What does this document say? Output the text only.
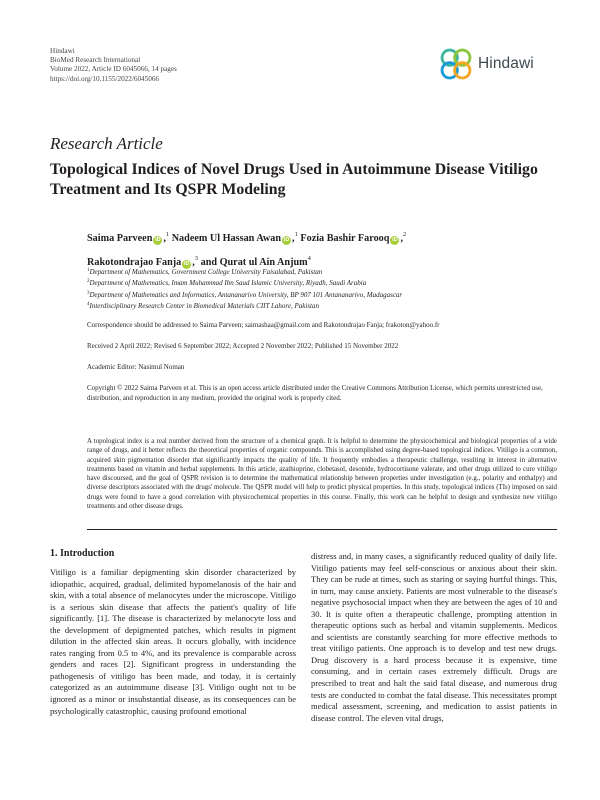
Hindawi
BioMed Research International
Volume 2022, Article ID 6045066, 14 pages
https://doi.org/10.1155/2022/6045066
Hindawi
Research Article
Topological Indices of Novel Drugs Used in Autoimmune Disease Vitiligo Treatment and Its QSPR Modeling
Saima Parveen iD ,$^1$ Nadeem Ul Hassan Awan iD ,$^1$ Fozia Bashir Farooq iD ,$^2$
Rakotondrajao Fanja iD ,$^3$ and Qurat ul Ain Anjum$^4$
$^1$Department of Mathematics, Government College University Faisalabad, Pakistan
$^2$Department of Mathematics, Imam Muhammad Ibn Saud Islamic University, Riyadh, Saudi Arabia
$^3$Department of Mathematics and Informatics, Antananarivo University, BP 907 101 Antananarivo, Madagascar
$^4$Interdisciplinary Research Center in Biomedical Materials CIIT Lahore, Pakistan
Correspondence should be addressed to Saima Parveen; saimashaa@gmail.com and Rakotondrajao Fanja; frakoton@yahoo.fr
Received 2 April 2022; Revised 6 September 2022; Accepted 2 November 2022; Published 15 November 2022
Academic Editor: Nasimul Noman
Copyright © 2022 Saima Parveen et al. This is an open access article distributed under the Creative Commons Attribution License, which permits unrestricted use, distribution, and reproduction in any medium, provided the original work is properly cited.
A topological index is a real number derived from the structure of a chemical graph. It is helpful to determine the physicochemical and biological properties of a wide range of drugs, and it better reflects the theoretical properties of organic compounds. This is accomplished using degree-based topological indices. Vitiligo is a common, acquired skin pigmentation disorder that significantly impacts the quality of life. It frequently embodies a therapeutic challenge, resulting in interest in alternative treatments based on vitamin and herbal supplements. In this article, azathioprine, clobetasol, desonide, hydrocortisone valerate, and other drugs utilized to cure vitiligo have discoursed, and the goal of QSPR revision is to determine the mathematical relationship between properties under investigation (e.g., polarity and enthalpy) and diverse descriptors associated with the drugs' molecule. The QSPR model will help to predict physical properties. In this study, topological indices (TIs) imposed on said drugs were found to have a good correlation with physicochemical properties in this course. Finally, this work can be helpful to design and synthesize new vitiligo treatments and other disease drugs.
1. Introduction
Vitiligo is a familiar depigmenting skin disorder characterized by idiopathic, acquired, gradual, delimited hypomelanosis of the hair and skin, with a total absence of melanocytes under the microscope. Vitiligo is a serious skin disease that affects the patient's quality of life significantly. [1]. The disease is characterized by melanocyte loss and the development of depigmented patches, which results in pigment dilution in the affected skin areas. It occurs globally, with incidence rates ranging from 0.5 to 4%, and its prevalence is comparable across genders and races [2]. Significant progress in understanding the pathogenesis of vitiligo has been made, and today, it is certainly categorized as an autoimmune disease [3]. Vitiligo ought not to be ignored as a minor or insubstantial disease, as its consequences can be psychologically catastrophic, causing profound emotional
distress and, in many cases, a significantly reduced quality of daily life. Vitiligo patients may feel self-conscious or anxious about their skin. They can be rude at times, such as staring or saying hurtful things. This, in turn, may cause anxiety. Patients are most vulnerable to the disease's negative psychosocial impact when they are between the ages of 10 and 30. It is quite often a therapeutic challenge, prompting attention in therapeutic options such as herbal and vitamin supplements. Medicos and scientists are constantly searching for more effective methods to treat vitiligo patients. One approach is to develop and test new drugs. Drug discovery is a hard process because it is expensive, time consuming, and in certain cases extremely difficult. Drugs are prescribed to treat and halt the said fatal disease, and numerous drug tests are conducted to combat the fatal disease. This necessitates prompt medical assessment, screening, and medication to assist patients in disease control. The eleven vital drugs,
